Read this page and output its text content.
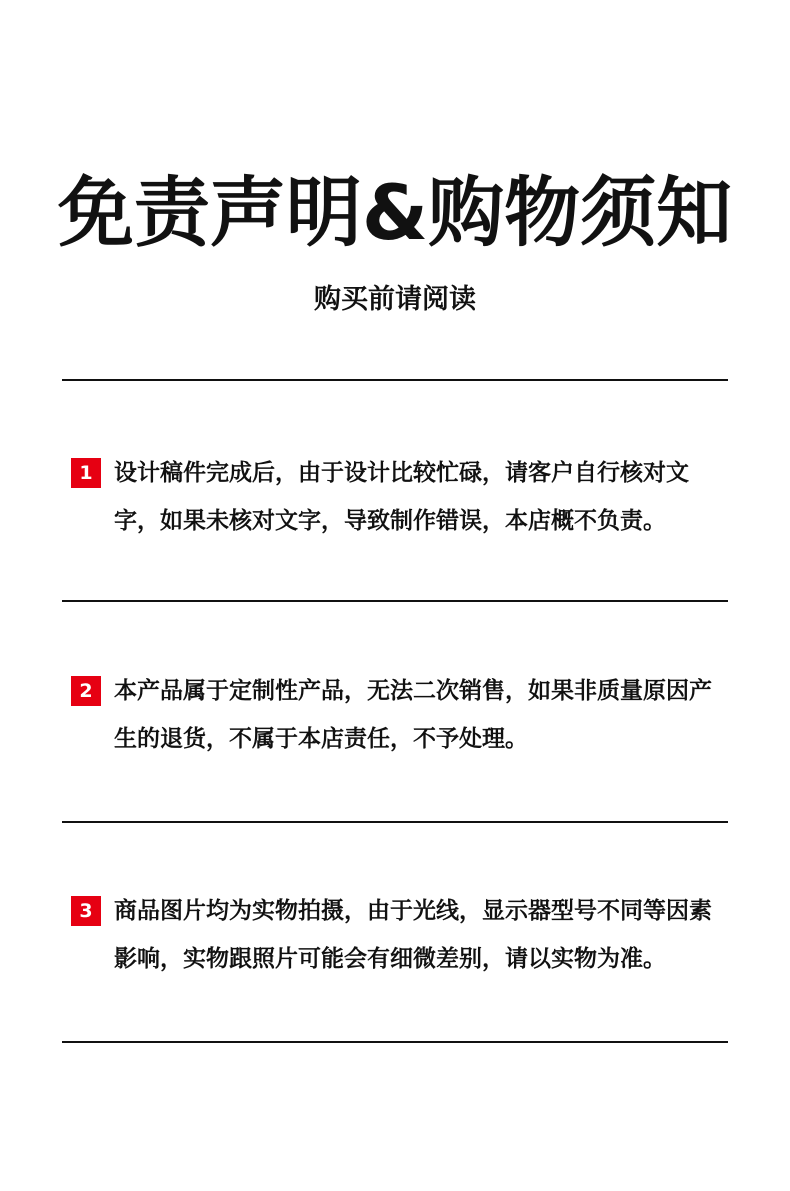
免责声明&购物须知
购买前请阅读
1 设计稿件完成后，由于设计比较忙碌，请客户自行核对文字，如果未核对文字，导致制作错误，本店概不负责。
2 本产品属于定制性产品，无法二次销售，如果非质量原因产生的退货，不属于本店责任，不予处理。
3 商品图片均为实物拍摄，由于光线，显示器型号不同等因素影响，实物跟照片可能会有细微差别，请以实物为准。
